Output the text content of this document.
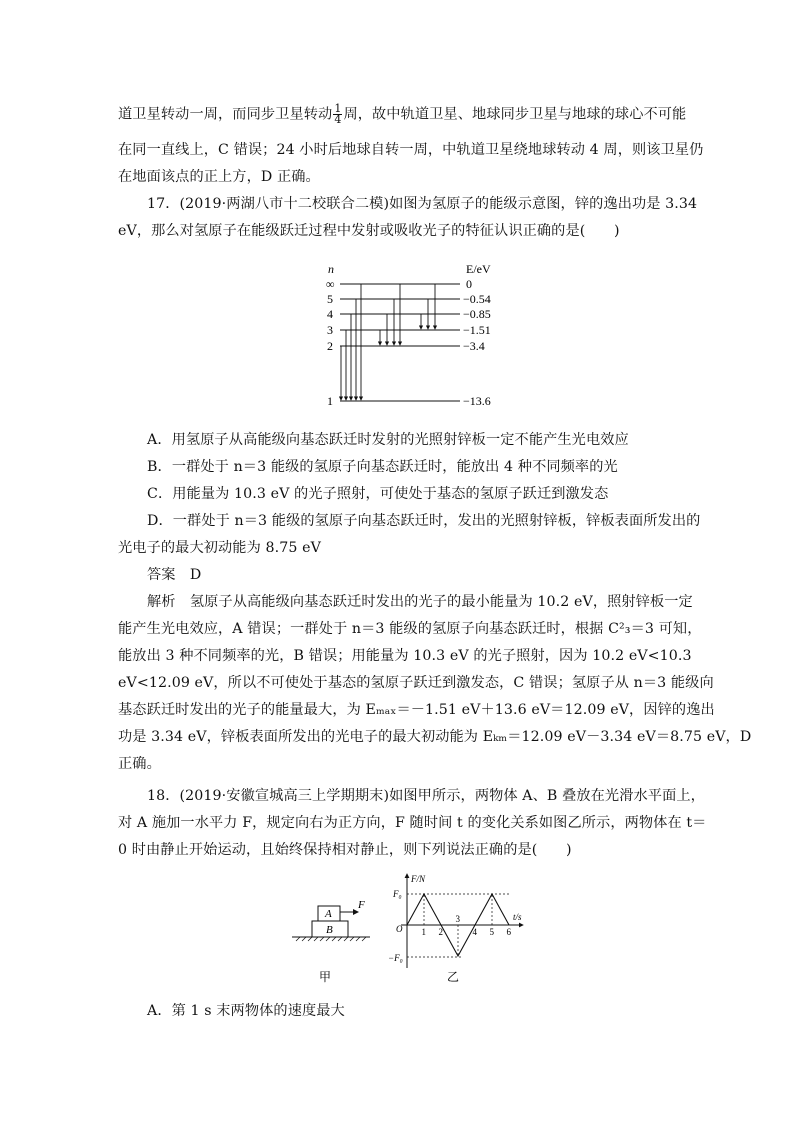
道卫星转动一周，而同步卫星转动 $\frac{1}{4}$ 周，故中轨道卫星、地球同步卫星与地球的球心不可能
在同一直线上，C 错误；24 小时后地球自转一周，中轨道卫星绕地球转动 4 周，则该卫星仍
在地面该点的正上方，D 正确。
17．(2019·两湖八市十二校联合二模)如图为氢原子的能级示意图，锌的逸出功是 3.34
eV，那么对氢原子在能级跃迁过程中发射或吸收光子的特征认识正确的是(　　)
n	E/eV
∞	0
5	−0.54
4	−0.85
3	−1.51
2	−3.4
1	−13.6
A．用氢原子从高能级向基态跃迁时发射的光照射锌板一定不能产生光电效应
B．一群处于 n＝3 能级的氢原子向基态跃迁时，能放出 4 种不同频率的光
C．用能量为 10.3 eV 的光子照射，可使处于基态的氢原子跃迁到激发态
D．一群处于 n＝3 能级的氢原子向基态跃迁时，发出的光照射锌板，锌板表面所发出的
光电子的最大初动能为 8.75 eV
答案　D
解析　氢原子从高能级向基态跃迁时发出的光子的最小能量为 10.2 eV，照射锌板一定
能产生光电效应，A 错误；一群处于 n＝3 能级的氢原子向基态跃迁时，根据 C²₃＝3 可知，
能放出 3 种不同频率的光，B 错误；用能量为 10.3 eV 的光子照射，因为 10.2 eV<10.3
eV<12.09 eV，所以不可使处于基态的氢原子跃迁到激发态，C 错误；氢原子从 n＝3 能级向
基态跃迁时发出的光子的能量最大，为 Eₘₐₓ＝－1.51 eV＋13.6 eV＝12.09 eV，因锌的逸出
功是 3.34 eV，锌板表面所发出的光电子的最大初动能为 Eₖₘ＝12.09 eV－3.34 eV＝8.75 eV，D
正确。
18．(2019·安徽宣城高三上学期期末)如图甲所示，两物体 A、B 叠放在光滑水平面上，
对 A 施加一水平力 F，规定向右为正方向，F 随时间 t 的变化关系如图乙所示，两物体在 t＝
0 时由静止开始运动，且始终保持相对静止，则下列说法正确的是(　　)
B
A
F
甲
F/N
t/s
O
F₀
−F₀
1 2
3
4 5 6
乙
A．第 1 s 末两物体的速度最大
